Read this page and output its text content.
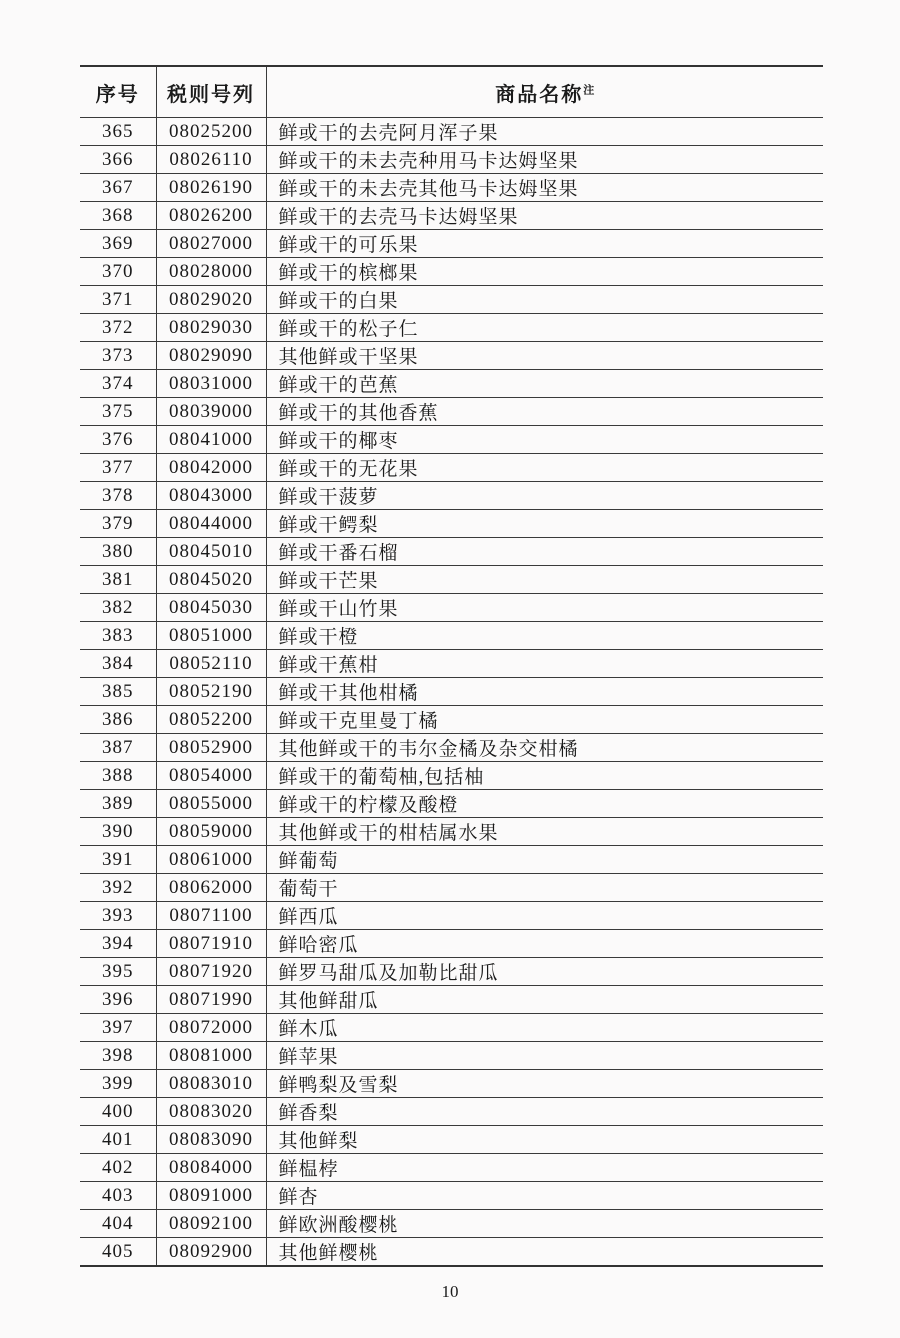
序号	税则号列	商品名称$^注$
365	08025200	鲜或干的去壳阿月浑子果
366	08026110	鲜或干的未去壳种用马卡达姆坚果
367	08026190	鲜或干的未去壳其他马卡达姆坚果
368	08026200	鲜或干的去壳马卡达姆坚果
369	08027000	鲜或干的可乐果
370	08028000	鲜或干的槟榔果
371	08029020	鲜或干的白果
372	08029030	鲜或干的松子仁
373	08029090	其他鲜或干坚果
374	08031000	鲜或干的芭蕉
375	08039000	鲜或干的其他香蕉
376	08041000	鲜或干的椰枣
377	08042000	鲜或干的无花果
378	08043000	鲜或干菠萝
379	08044000	鲜或干鳄梨
380	08045010	鲜或干番石榴
381	08045020	鲜或干芒果
382	08045030	鲜或干山竹果
383	08051000	鲜或干橙
384	08052110	鲜或干蕉柑
385	08052190	鲜或干其他柑橘
386	08052200	鲜或干克里曼丁橘
387	08052900	其他鲜或干的韦尔金橘及杂交柑橘
388	08054000	鲜或干的葡萄柚,包括柚
389	08055000	鲜或干的柠檬及酸橙
390	08059000	其他鲜或干的柑桔属水果
391	08061000	鲜葡萄
392	08062000	葡萄干
393	08071100	鲜西瓜
394	08071910	鲜哈密瓜
395	08071920	鲜罗马甜瓜及加勒比甜瓜
396	08071990	其他鲜甜瓜
397	08072000	鲜木瓜
398	08081000	鲜苹果
399	08083010	鲜鸭梨及雪梨
400	08083020	鲜香梨
401	08083090	其他鲜梨
402	08084000	鲜榅桲
403	08091000	鲜杏
404	08092100	鲜欧洲酸樱桃
405	08092900	其他鲜樱桃
10
